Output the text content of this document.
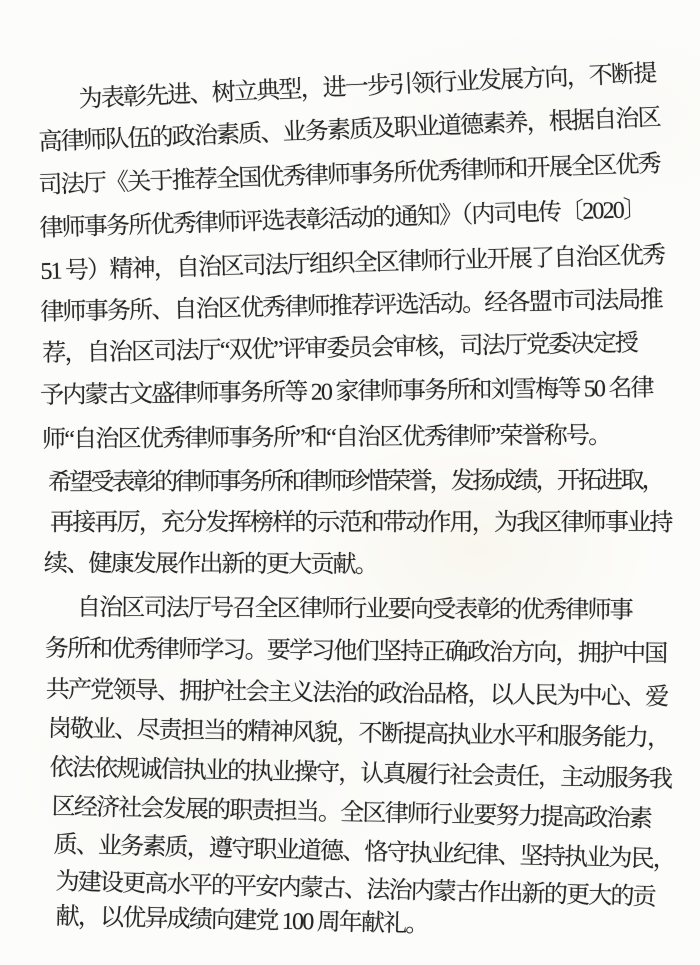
为表彰先进、树立典型，进一步引领行业发展方向，不断提
高律师队伍的政治素质、业务素质及职业道德素养，根据自治区
司法厅《关于推荐全国优秀律师事务所优秀律师和开展全区优秀
律师事务所优秀律师评选表彰活动的通知》（内司电传〔2020〕
51 号）精神，自治区司法厅组织全区律师行业开展了自治区优秀
律师事务所、自治区优秀律师推荐评选活动。经各盟市司法局推
荐，自治区司法厅“双优”评审委员会审核，司法厅党委决定授
予内蒙古文盛律师事务所等 20 家律师事务所和刘雪梅等 50 名律
师“自治区优秀律师事务所”和“自治区优秀律师”荣誉称号。
希望受表彰的律师事务所和律师珍惜荣誉，发扬成绩，开拓进取，
再接再厉，充分发挥榜样的示范和带动作用，为我区律师事业持
续、健康发展作出新的更大贡献。
自治区司法厅号召全区律师行业要向受表彰的优秀律师事
务所和优秀律师学习。要学习他们坚持正确政治方向，拥护中国
共产党领导、拥护社会主义法治的政治品格，以人民为中心、爱
岗敬业、尽责担当的精神风貌，不断提高执业水平和服务能力，
依法依规诚信执业的执业操守，认真履行社会责任，主动服务我
区经济社会发展的职责担当。全区律师行业要努力提高政治素
质、业务素质，遵守职业道德、恪守执业纪律、坚持执业为民，
为建设更高水平的平安内蒙古、法治内蒙古作出新的更大的贡
献，以优异成绩向建党 100 周年献礼。
